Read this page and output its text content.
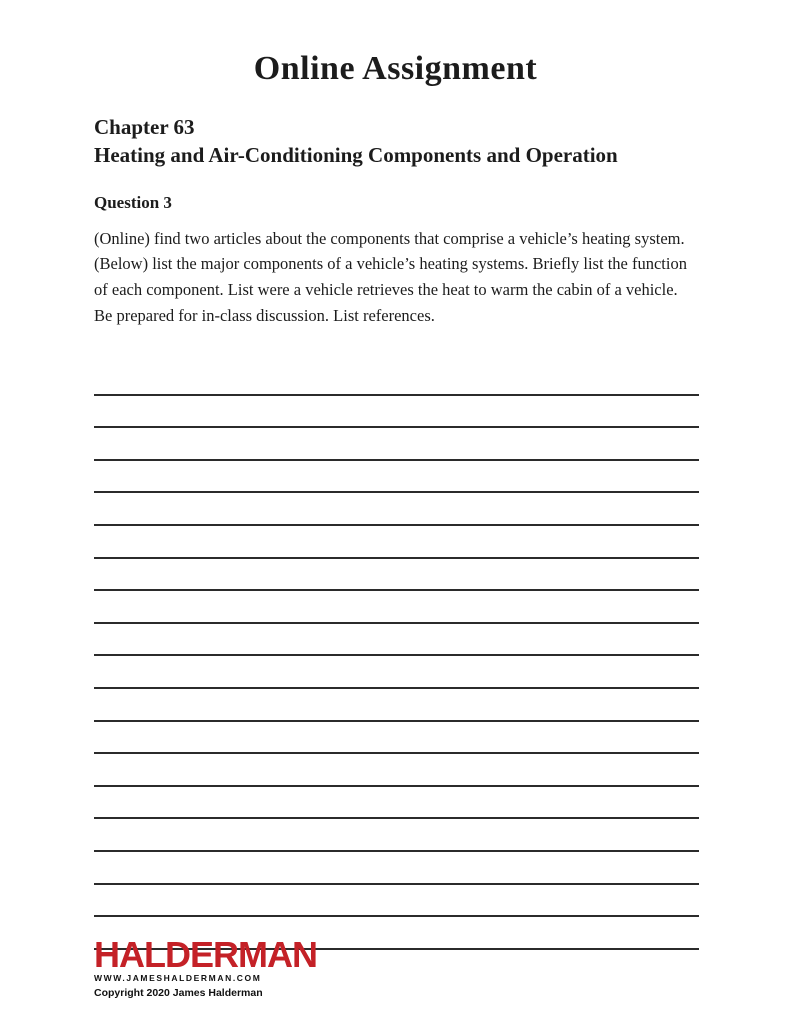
Online Assignment
Chapter 63
Heating and Air-Conditioning Components and Operation
Question 3
(Online) find two articles about the components that comprise a vehicle’s heating system. (Below) list the major components of a vehicle’s heating systems. Briefly list the function of each component. List were a vehicle retrieves the heat to warm the cabin of a vehicle. Be prepared for in-class discussion. List references.
HALDERMAN
WWW.JAMESHALDERMAN.COM
Copyright 2020 James Halderman
